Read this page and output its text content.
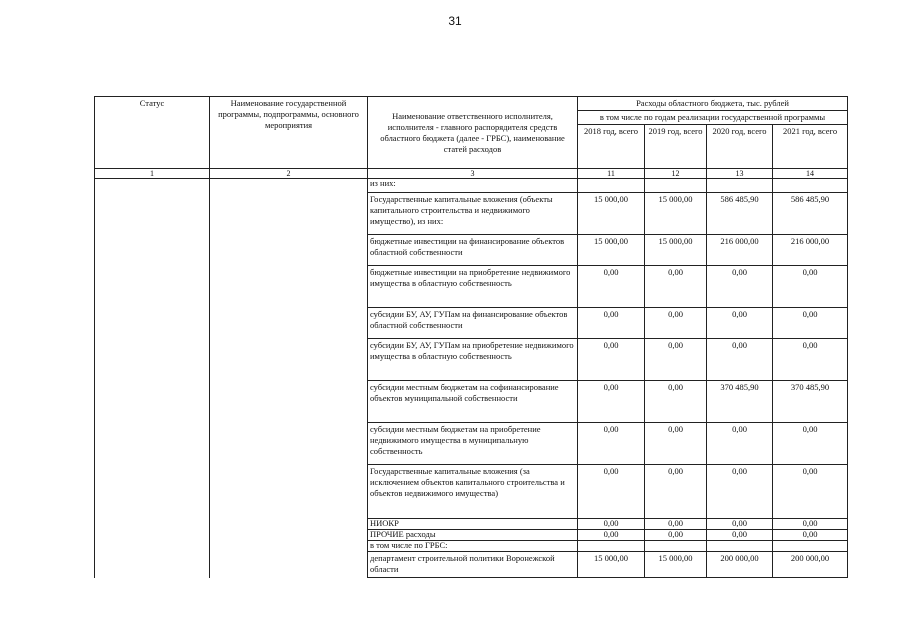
31
Статус	Наименование государственной программы, подпрограммы, основного мероприятия	Наименование ответственного исполнителя, исполнителя - главного распорядителя средств областного бюджета (далее - ГРБС), наименование статей расходов	Расходы областного бюджета, тыс. рублей			
			в том числе по годам реализации государственной программы			
			2018 год, всего	2019 год, всего	2020 год, всего	2021 год, всего
1	2	3	11	12	13	14
		из них:				
		Государственные капитальные вложения (объекты капитального строительства и недвижимого имущество), из них:	15 000,00	15 000,00	586 485,90	586 485,90
		бюджетные инвестиции на финансирование объектов областной собственности	15 000,00	15 000,00	216 000,00	216 000,00
		бюджетные инвестиции на приобретение недвижимого имущества в областную собственность	0,00	0,00	0,00	0,00
		субсидии БУ, АУ, ГУПам на финансирование объектов областной собственности	0,00	0,00	0,00	0,00
		субсидии БУ, АУ, ГУПам на приобретение недвижимого имущества в областную собственность	0,00	0,00	0,00	0,00
		субсидии местным бюджетам на софинансирование объектов муниципальной собственности	0,00	0,00	370 485,90	370 485,90
		субсидии местным бюджетам на приобретение недвижимого имущества в муниципальную собственность	0,00	0,00	0,00	0,00
		Государственные капитальные вложения (за исключением объектов капитального строительства и объектов недвижимого имущества)	0,00	0,00	0,00	0,00
		НИОКР	0,00	0,00	0,00	0,00
		ПРОЧИЕ расходы	0,00	0,00	0,00	0,00
		в том числе по ГРБС:				
		департамент строительной политики Воронежской области	15 000,00	15 000,00	200 000,00	200 000,00
